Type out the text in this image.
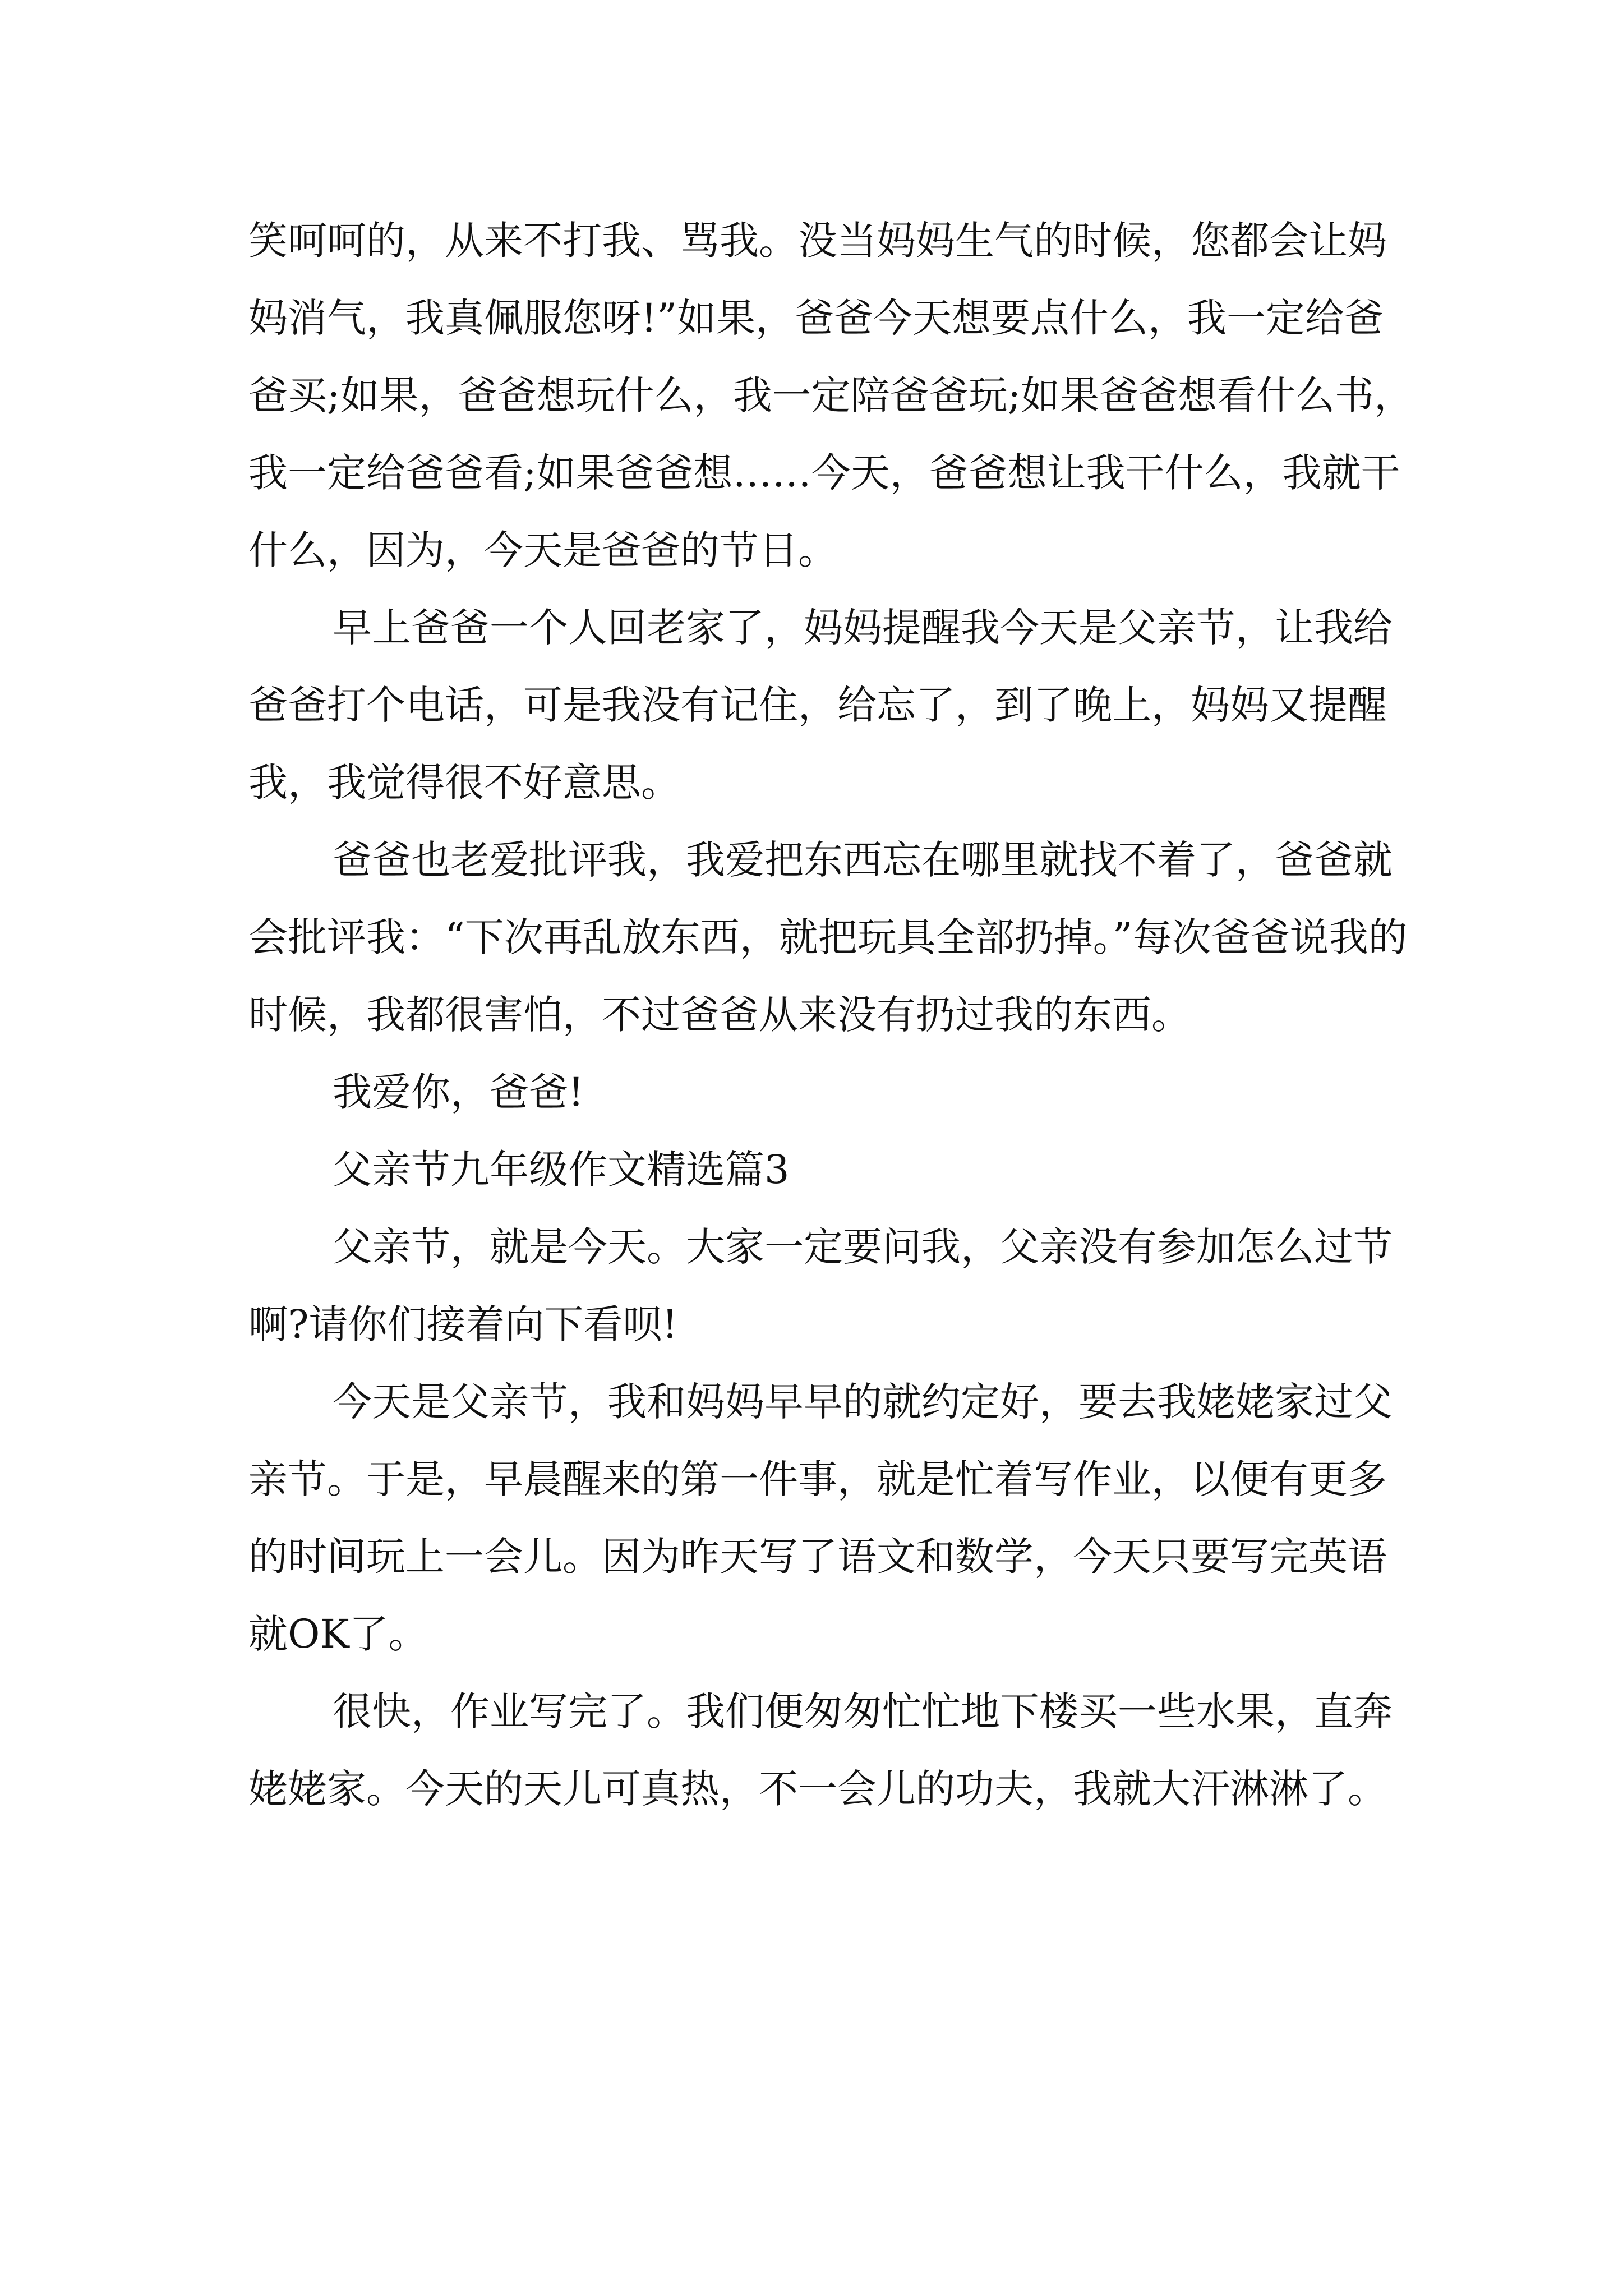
笑呵呵的，从来不打我、骂我。没当妈妈生气的时候，您都会让妈妈消气，我真佩服您呀!”如果，爸爸今天想要点什么，我一定给爸爸买;如果，爸爸想玩什么，我一定陪爸爸玩;如果爸爸想看什么书，我一定给爸爸看;如果爸爸想……今天，爸爸想让我干什么，我就干什么，因为，今天是爸爸的节日。

早上爸爸一个人回老家了，妈妈提醒我今天是父亲节，让我给爸爸打个电话，可是我没有记住，给忘了，到了晚上，妈妈又提醒我，我觉得很不好意思。

爸爸也老爱批评我，我爱把东西忘在哪里就找不着了，爸爸就会批评我：“下次再乱放东西，就把玩具全部扔掉。”每次爸爸说我的时候，我都很害怕，不过爸爸从来没有扔过我的东西。

我爱你，爸爸!

父亲节九年级作文精选篇3

父亲节，就是今天。大家一定要问我，父亲没有参加怎么过节啊?请你们接着向下看呗!

今天是父亲节，我和妈妈早早的就约定好，要去我姥姥家过父亲节。于是，早晨醒来的第一件事，就是忙着写作业，以便有更多的时间玩上一会儿。因为昨天写了语文和数学，今天只要写完英语就OK了。

很快，作业写完了。我们便匆匆忙忙地下楼买一些水果，直奔姥姥家。今天的天儿可真热，不一会儿的功夫，我就大汗淋淋了。
